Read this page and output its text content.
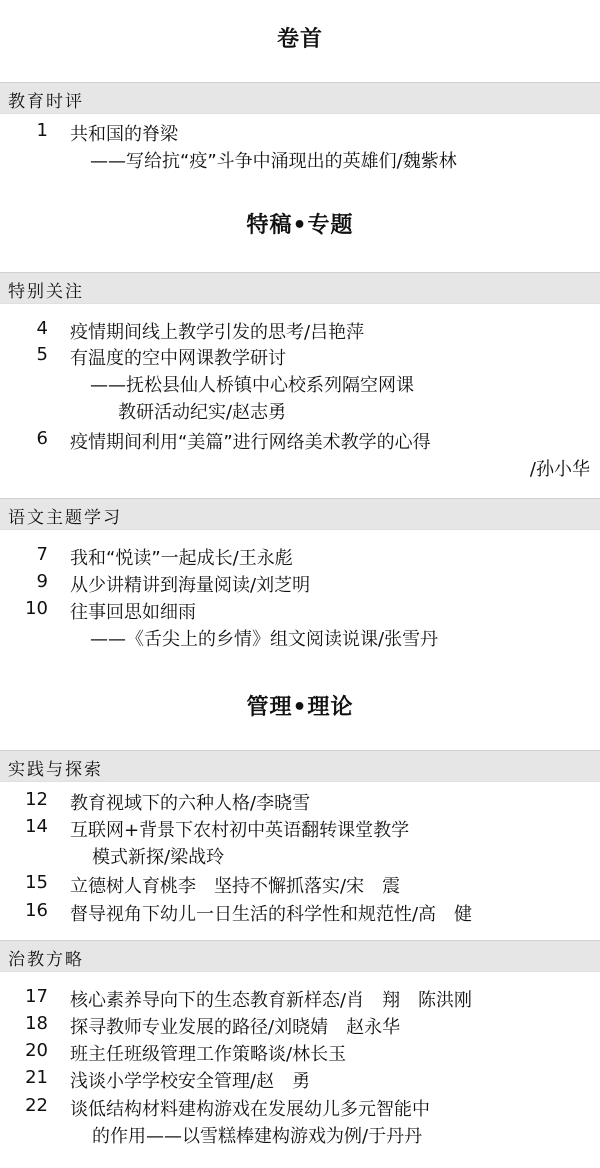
卷首
教育时评
1 共和国的脊梁
——写给抗“疫”斗争中涌现出的英雄们/魏紫林
特稿•专题
特别关注
4 疫情期间线上教学引发的思考/吕艳萍
5 有温度的空中网课教学研讨
——抚松县仙人桥镇中心校系列隔空网课
教研活动纪实/赵志勇
6 疫情期间利用“美篇”进行网络美术教学的心得
/孙小华
语文主题学习
7 我和“悦读”一起成长/王永彪
9 从少讲精讲到海量阅读/刘芝明
10 往事回思如细雨
——《舌尖上的乡情》组文阅读说课/张雪丹
管理•理论
实践与探索
12 教育视域下的六种人格/李晓雪
14 互联网+背景下农村初中英语翻转课堂教学
模式新探/梁战玲
15 立德树人育桃李　坚持不懈抓落实/宋　震
16 督导视角下幼儿一日生活的科学性和规范性/高　健
治教方略
17 核心素养导向下的生态教育新样态/肖　翔　陈洪刚
18 探寻教师专业发展的路径/刘晓婧　赵永华
20 班主任班级管理工作策略谈/林长玉
21 浅谈小学学校安全管理/赵　勇
22 谈低结构材料建构游戏在发展幼儿多元智能中
的作用——以雪糕棒建构游戏为例/于丹丹
